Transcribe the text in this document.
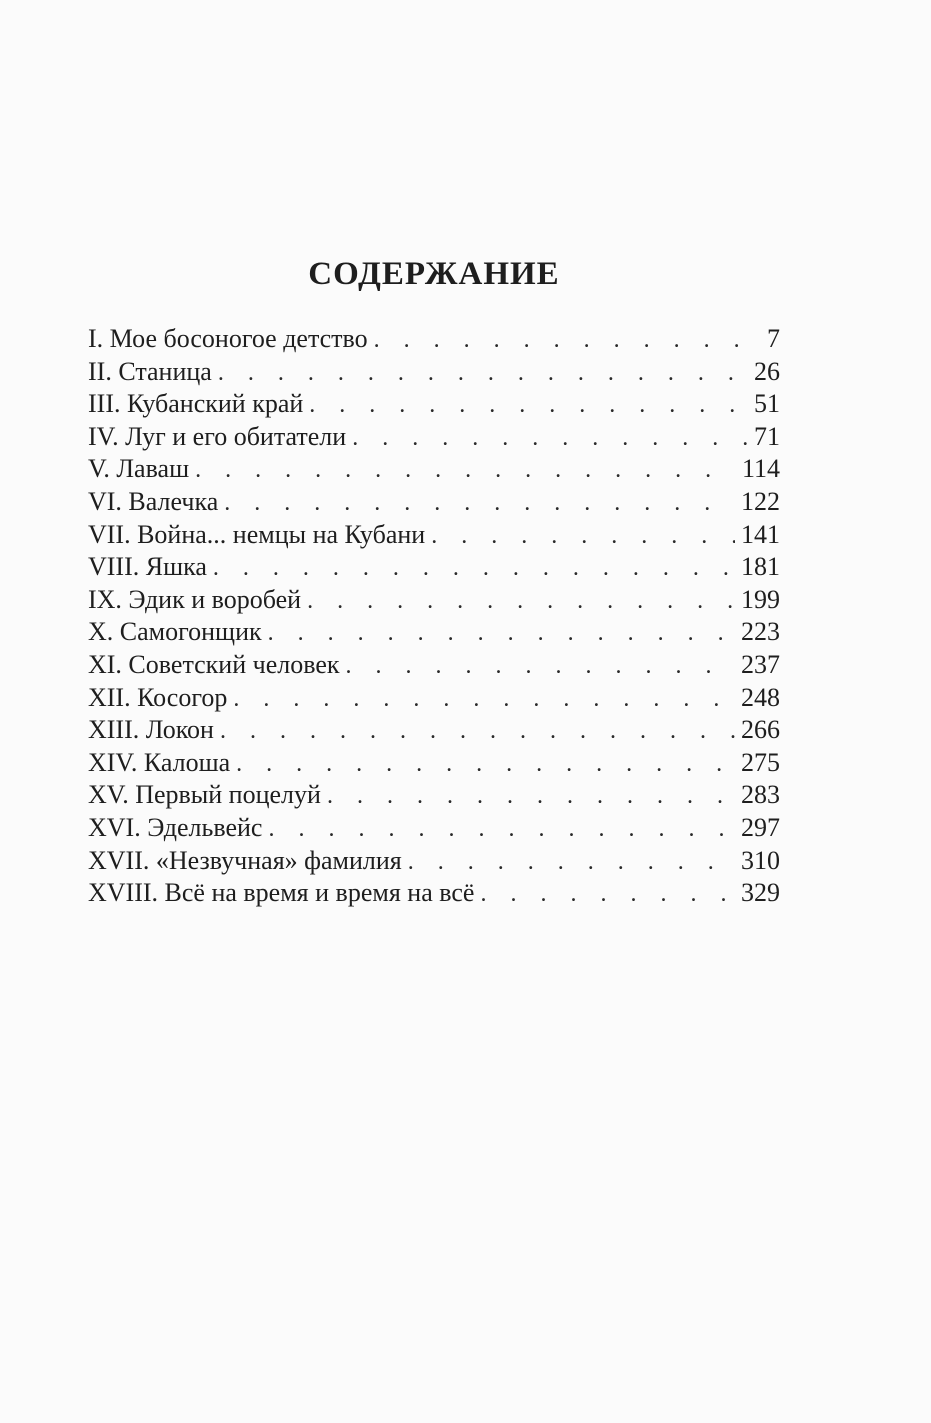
СОДЕРЖАНИЕ
I. Мое босоногое детство . . .	7
II. Станица . . .	26
III. Кубанский край . . .	51
IV. Луг и его обитатели . . .	71
V. Лаваш . . .	114
VI. Валечка . . .	122
VII. Война... немцы на Кубани . . .	141
VIII. Яшка . . .	181
IX. Эдик и воробей . . .	199
X. Самогонщик . . .	223
XI. Советский человек . . .	237
XII. Косогор . . .	248
XIII. Локон . . .	266
XIV. Калоша . . .	275
XV. Первый поцелуй . . .	283
XVI. Эдельвейс . . .	297
XVII. «Незвучная» фамилия . . .	310
XVIII. Всё на время и время на всё . . .	329
